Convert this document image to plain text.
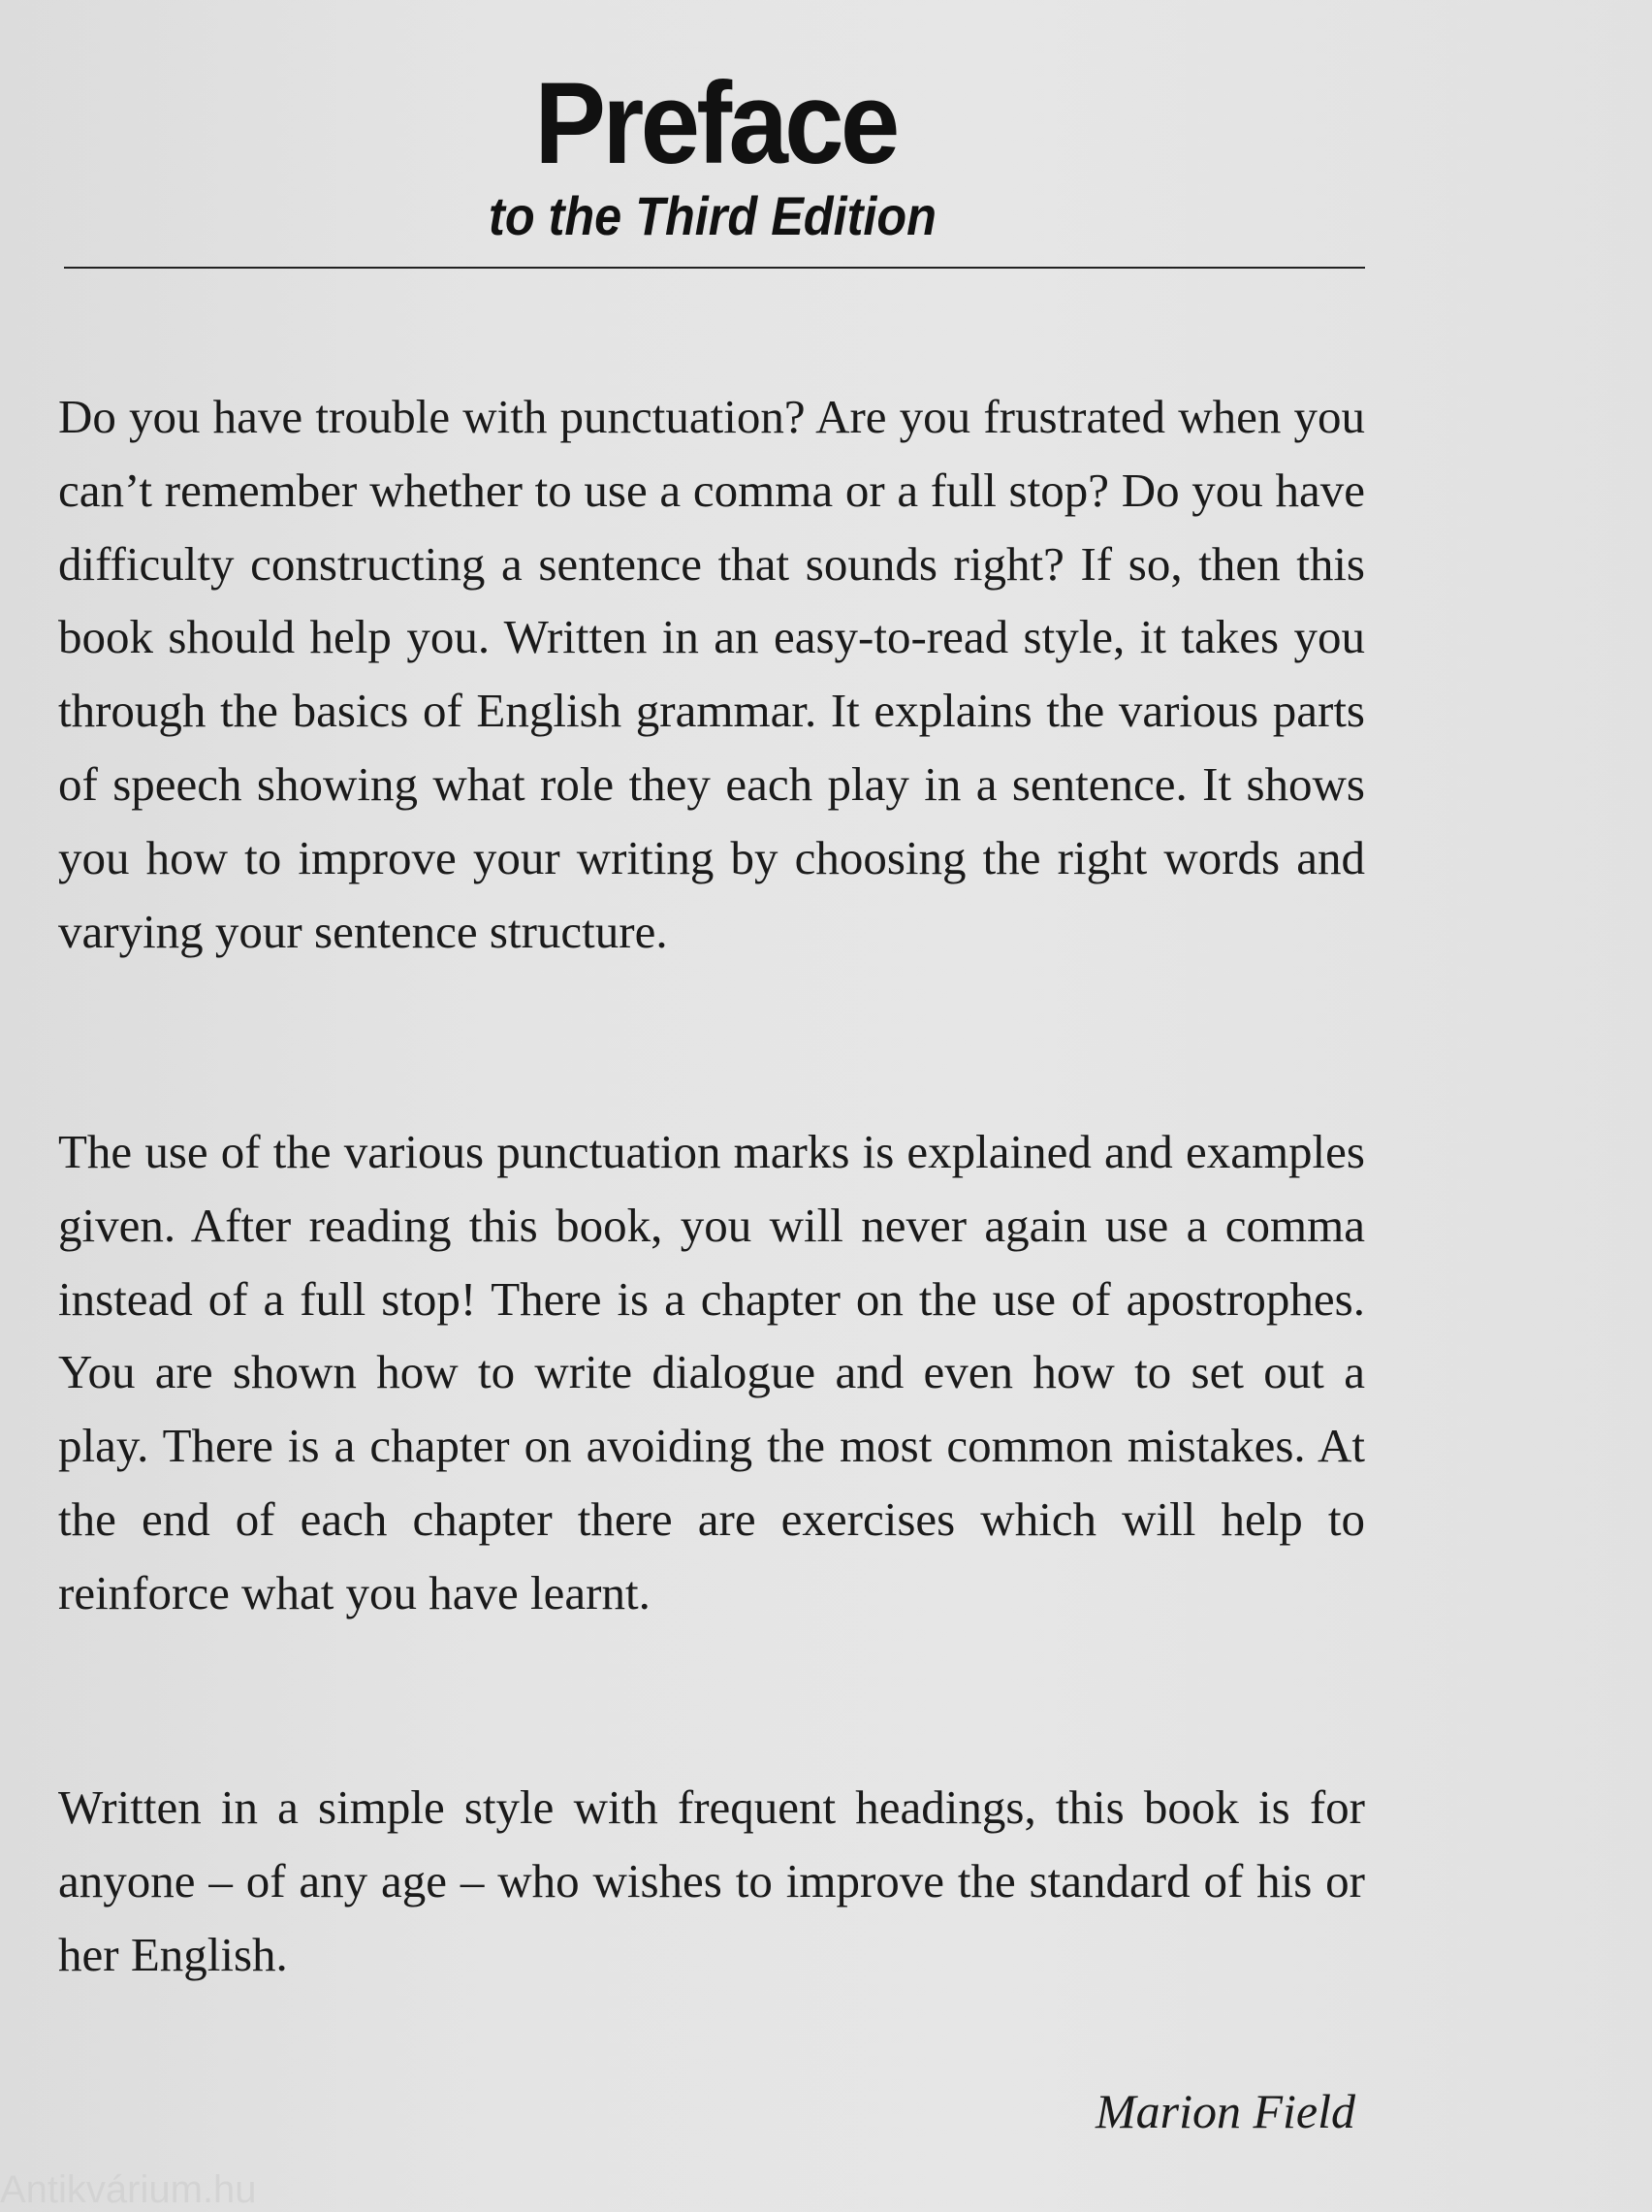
Preface
to the Third Edition

Do you have trouble with punctuation? Are you frustrated when you can’t remember whether to use a comma or a full stop? Do you have difficulty constructing a sentence that sounds right? If so, then this book should help you. Written in an easy-to-read style, it takes you through the basics of English grammar. It explains the various parts of speech showing what role they each play in a sentence. It shows you how to improve your writing by choosing the right words and varying your sentence structure.

The use of the various punctuation marks is explained and examples given. After reading this book, you will never again use a comma instead of a full stop! There is a chapter on the use of apostrophes. You are shown how to write dialogue and even how to set out a play. There is a chapter on avoiding the most common mistakes. At the end of each chapter there are exercises which will help to reinforce what you have learnt.

Written in a simple style with frequent headings, this book is for anyone – of any age – who wishes to improve the standard of his or her English.

Marion Field
Antikvárium.hu
